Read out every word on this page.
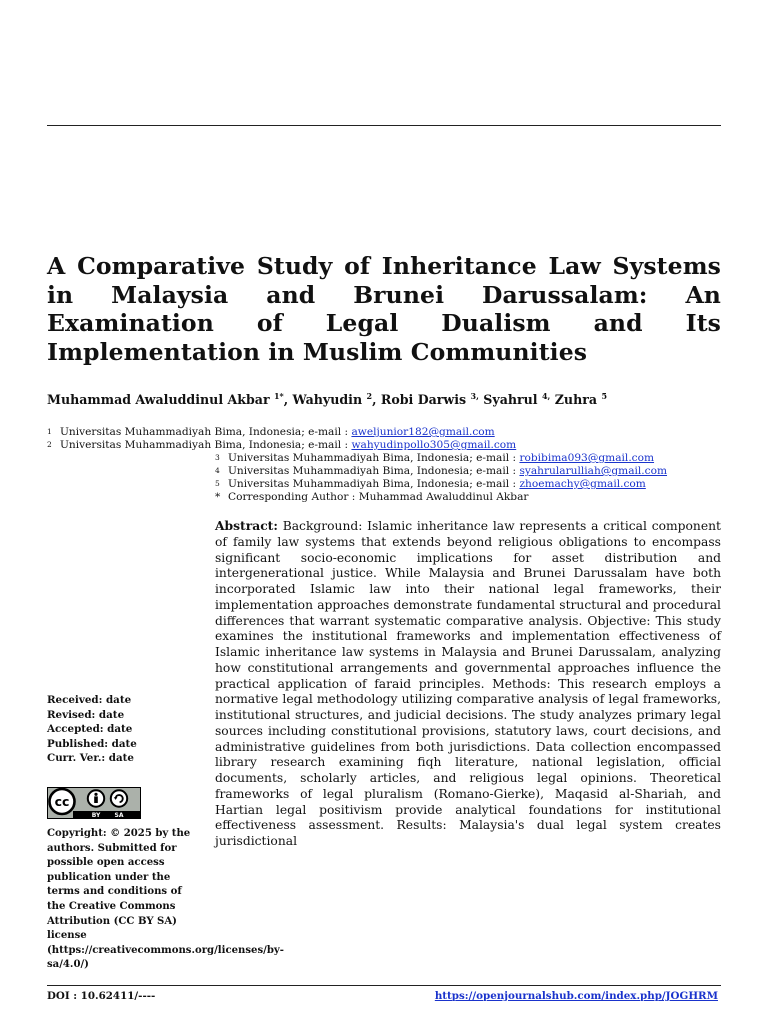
A Comparative Study of Inheritance Law Systems in Malaysia and Brunei Darussalam: An Examination of Legal Dualism and Its Implementation in Muslim Communities
Muhammad Awaluddinul Akbar $^{1*}$, Wahyudin $^2$, Robi Darwis $^{3,}$ Syahrul $^{4,}$ Zuhra $^5$
1 Universitas Muhammadiyah Bima, Indonesia; e-mail : aweljunior182@gmail.com
2 Universitas Muhammadiyah Bima, Indonesia; e-mail : wahyudinpollo305@gmail.com
3 Universitas Muhammadiyah Bima, Indonesia; e-mail : robibima093@gmail.com
4 Universitas Muhammadiyah Bima, Indonesia; e-mail : syahrularulliah@gmail.com
5 Universitas Muhammadiyah Bima, Indonesia; e-mail : zhoemachy@gmail.com
* Corresponding Author : Muhammad Awaluddinul Akbar

Abstract: Background: Islamic inheritance law represents a critical component of family law systems that extends beyond religious obligations to encompass significant socio-economic implications for asset distribution and intergenerational justice. While Malaysia and Brunei Darussalam have both incorporated Islamic law into their national legal frameworks, their implementation approaches demonstrate fundamental structural and procedural differences that warrant systematic comparative analysis. Objective: This study examines the institutional frameworks and implementation effectiveness of Islamic inheritance law systems in Malaysia and Brunei Darussalam, analyzing how constitutional arrangements and governmental approaches influence the practical application of faraid principles. Methods: This research employs a normative legal methodology utilizing comparative analysis of legal frameworks, institutional structures, and judicial decisions. The study analyzes primary legal sources including constitutional provisions, statutory laws, court decisions, and administrative guidelines from both jurisdictions. Data collection encompassed library research examining fiqh literature, national legislation, official documents, scholarly articles, and religious legal opinions. Theoretical frameworks of legal pluralism (Romano-Gierke), Maqasid al-Shariah, and Hartian legal positivism provide analytical foundations for institutional effectiveness assessment. Results: Malaysia's dual legal system creates jurisdictional

Received: date
Revised: date
Accepted: date
Published: date
Curr. Ver.: date
cc
BY SA

Copyright: © 2025 by the authors. Submitted for possible open access publication under the terms and conditions of the Creative Commons Attribution (CC BY SA) license (https://creativecommons.org/licenses/by-sa/4.0/)

DOI : 10.62411/----	https://openjournalshub.com/index.php/JOGHRM
